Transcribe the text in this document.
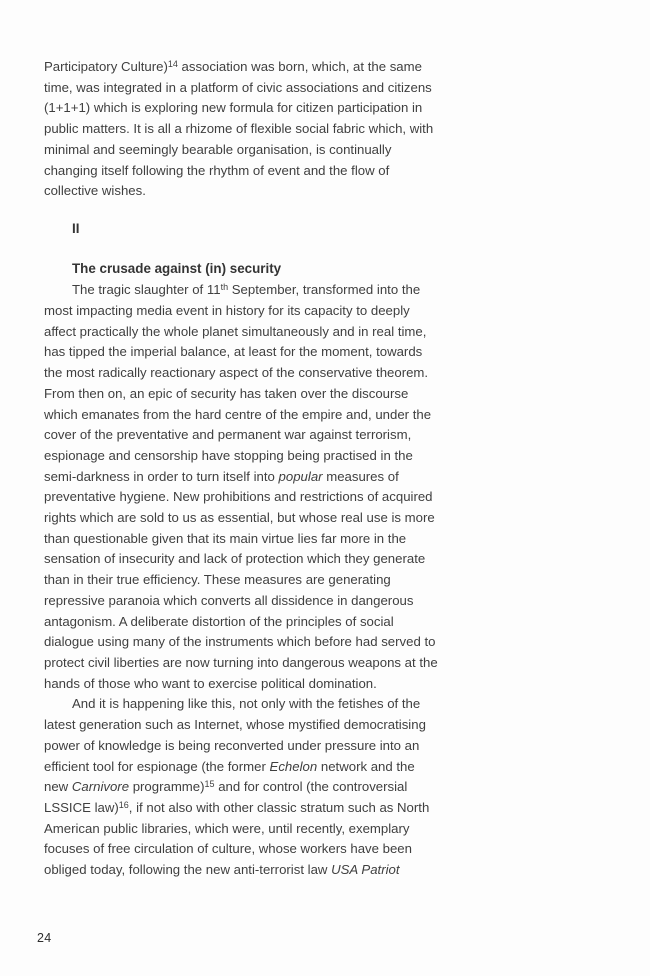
Participatory Culture)$^{14}$ association was born, which, at the same time, was integrated in a platform of civic associations and citizens (1+1+1) which is exploring new formula for citizen participation in public matters. It is all a rhizome of flexible social fabric which, with minimal and seemingly bearable organisation, is continually changing itself following the rhythm of event and the flow of collective wishes.

II
The crusade against (in) security

The tragic slaughter of 11th September, transformed into the most impacting media event in history for its capacity to deeply affect practically the whole planet simultaneously and in real time, has tipped the imperial balance, at least for the moment, towards the most radically reactionary aspect of the conservative theorem. From then on, an epic of security has taken over the discourse which emanates from the hard centre of the empire and, under the cover of the preventative and permanent war against terrorism, espionage and censorship have stopping being practised in the semi-darkness in order to turn itself into popular measures of preventative hygiene. New prohibitions and restrictions of acquired rights which are sold to us as essential, but whose real use is more than questionable given that its main virtue lies far more in the sensation of insecurity and lack of protection which they generate than in their true efficiency. These measures are generating repressive paranoia which converts all dissidence in dangerous antagonism. A deliberate distortion of the principles of social dialogue using many of the instruments which before had served to protect civil liberties are now turning into dangerous weapons at the hands of those who want to exercise political domination.

And it is happening like this, not only with the fetishes of the latest generation such as Internet, whose mystified democratising power of knowledge is being reconverted under pressure into an efficient tool for espionage (the former Echelon network and the new Carnivore programme)$^{15}$ and for control (the controversial LSSICE law)$^{16}$, if not also with other classic stratum such as North American public libraries, which were, until recently, exemplary focuses of free circulation of culture, whose workers have been obliged today, following the new anti-terrorist law USA Patriot

24
